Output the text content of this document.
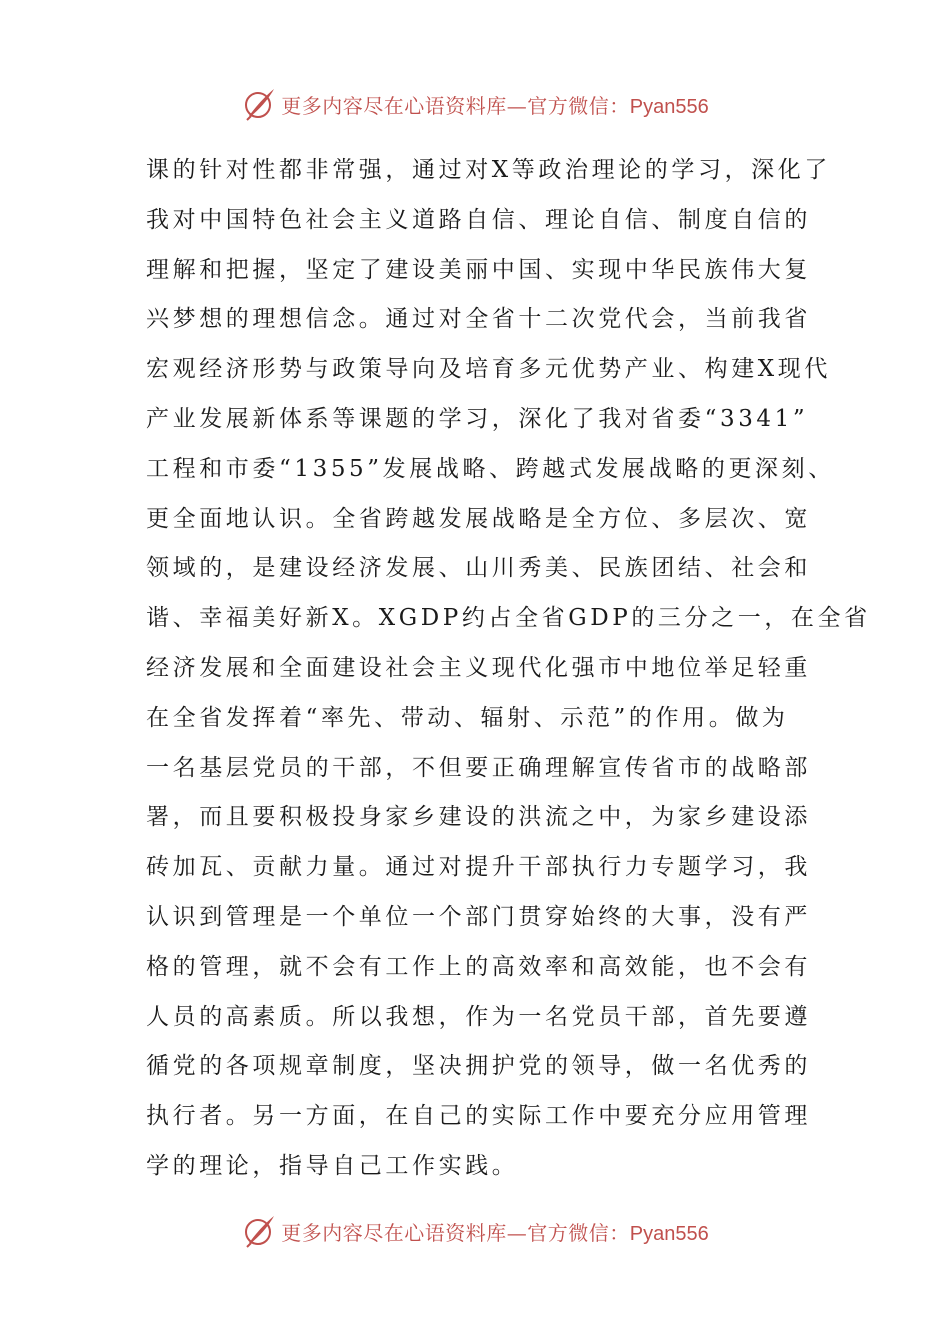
更多内容尽在心语资料库—官方微信：Pyan556
课的针对性都非常强，通过对X等政治理论的学习，深化了
我对中国特色社会主义道路自信、理论自信、制度自信的
理解和把握，坚定了建设美丽中国、实现中华民族伟大复
兴梦想的理想信念。通过对全省十二次党代会，当前我省
宏观经济形势与政策导向及培育多元优势产业、构建X现代
产业发展新体系等课题的学习，深化了我对省委“3341”
工程和市委“1355”发展战略、跨越式发展战略的更深刻、
更全面地认识。全省跨越发展战略是全方位、多层次、宽
领域的，是建设经济发展、山川秀美、民族团结、社会和
谐、幸福美好新X。XGDP约占全省GDP的三分之一，在全省
经济发展和全面建设社会主义现代化强市中地位举足轻重
在全省发挥着“率先、带动、辐射、示范”的作用。做为
一名基层党员的干部，不但要正确理解宣传省市的战略部
署，而且要积极投身家乡建设的洪流之中，为家乡建设添
砖加瓦、贡献力量。通过对提升干部执行力专题学习，我
认识到管理是一个单位一个部门贯穿始终的大事，没有严
格的管理，就不会有工作上的高效率和高效能，也不会有
人员的高素质。所以我想，作为一名党员干部，首先要遵
循党的各项规章制度，坚决拥护党的领导，做一名优秀的
执行者。另一方面，在自己的实际工作中要充分应用管理
学的理论，指导自己工作实践。
更多内容尽在心语资料库—官方微信：Pyan556
